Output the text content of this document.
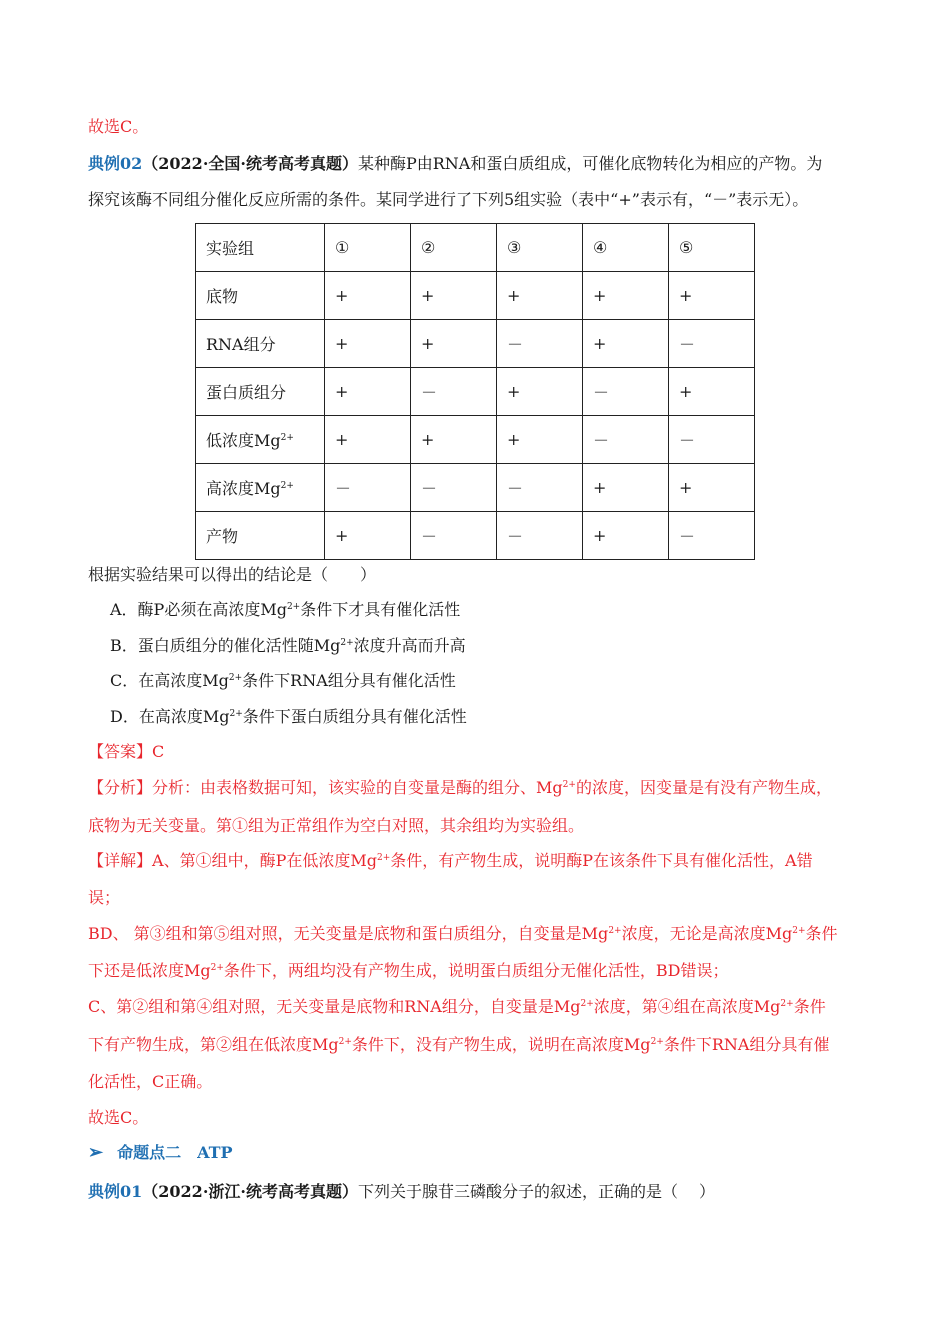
故选C。
典例02（2022·全国·统考高考真题）某种酶P由RNA和蛋白质组成，可催化底物转化为相应的产物。为
探究该酶不同组分催化反应所需的条件。某同学进行了下列5组实验（表中“+”表示有，“－”表示无）。
实验组	①	②	③	④	⑤
底物	+	+	+	+	+
RNA组分	+	+	－	+	－
蛋白质组分	+	－	+	－	+
低浓度$Mg^{2+}$	+	+	+	－	－
高浓度$Mg^{2+}$	－	－	－	+	+
产物	+	－	－	+	－
根据实验结果可以得出的结论是（　　）
A．酶P必须在高浓度$Mg^{2+}$条件下才具有催化活性
B．蛋白质组分的催化活性随$Mg^{2+}$浓度升高而升高
C．在高浓度$Mg^{2+}$条件下RNA组分具有催化活性
D．在高浓度$Mg^{2+}$条件下蛋白质组分具有催化活性
【答案】C
【分析】分析：由表格数据可知，该实验的自变量是酶的组分、$Mg^{2+}$的浓度，因变量是有没有产物生成，
底物为无关变量。第①组为正常组作为空白对照，其余组均为实验组。
【详解】A、第①组中，酶P在低浓度$Mg^{2+}$条件，有产物生成，说明酶P在该条件下具有催化活性，A错
误；
BD、 第③组和第⑤组对照，无关变量是底物和蛋白质组分，自变量是$Mg^{2+}$浓度，无论是高浓度$Mg^{2+}$条件
下还是低浓度$Mg^{2+}$条件下，两组均没有产物生成，说明蛋白质组分无催化活性，BD错误；
C、第②组和第④组对照，无关变量是底物和RNA组分，自变量是$Mg^{2+}$浓度，第④组在高浓度$Mg^{2+}$条件
下有产物生成，第②组在低浓度$Mg^{2+}$条件下，没有产物生成，说明在高浓度$Mg^{2+}$条件下RNA组分具有催
化活性，C正确。
故选C。
➢ 命题点二　ATP
典例01（2022·浙江·统考高考真题）下列关于腺苷三磷酸分子的叙述，正确的是（　 ）
